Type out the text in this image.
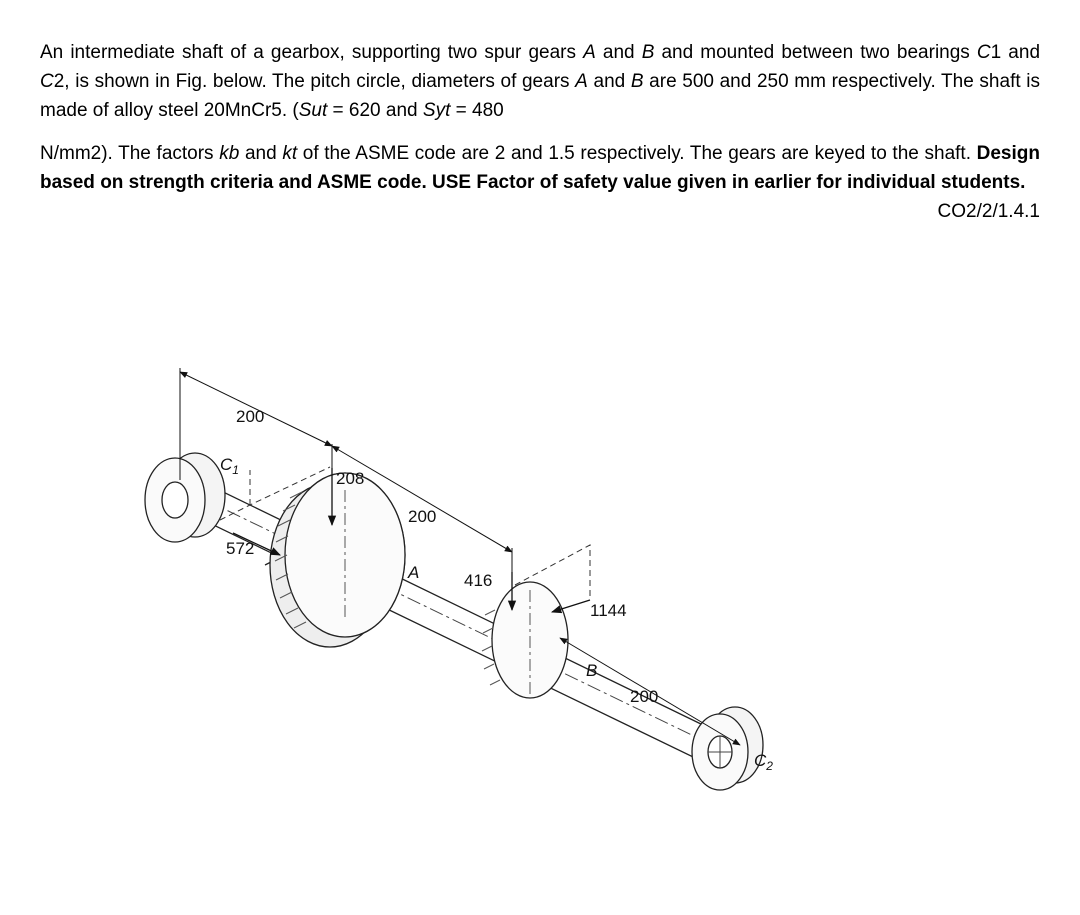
An intermediate shaft of a gearbox, supporting two spur gears A and B and mounted between two bearings C1 and C2, is shown in Fig. below. The pitch circle, diameters of gears A and B are 500 and 250 mm respectively. The shaft is made of alloy steel 20MnCr5. (Sut = 620 and Syt = 480

N/mm2). The factors kb and kt of the ASME code are 2 and 1.5 respectively. The gears are keyed to the shaft. Design based on strength criteria and ASME code. USE Factor of safety value given in earlier for individual students.
CO2/2/1.4.1

200
208
200
572
416
1144
200
$C_1$
A
B
$C_2$
